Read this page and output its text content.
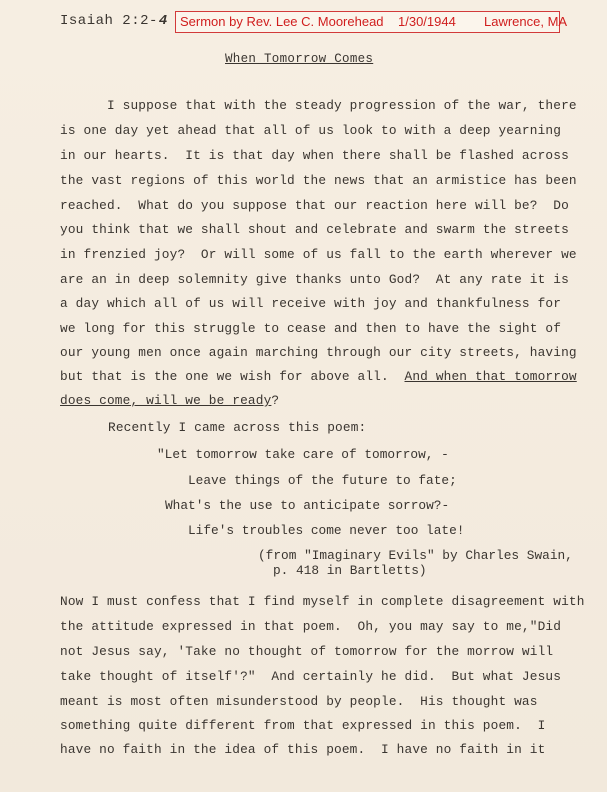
Isaiah 2:2-4 Sermon by Rev. Lee C. Moorehead 1/30/1944 Lawrence, MA
When Tomorrow Comes
I suppose that with the steady progression of the war, there
is one day yet ahead that all of us look to with a deep yearning
in our hearts.  It is that day when there shall be flashed across
the vast regions of this world the news that an armistice has been
reached.  What do you suppose that our reaction here will be?  Do
you think that we shall shout and celebrate and swarm the streets
in frenzied joy?  Or will some of us fall to the earth wherever we
are an in deep solemnity give thanks unto God?  At any rate it is
a day which all of us will receive with joy and thankfulness for
we long for this struggle to cease and then to have the sight of
our young men once again marching through our city streets, having
but that is the one we wish for above all.  And when that tomorrow
does come, will we be ready?
Recently I came across this poem:
"Let tomorrow take care of tomorrow, -
Leave things of the future to fate;
What's the use to anticipate sorrow?-
Life's troubles come never too late!
(from "Imaginary Evils" by Charles Swain,
p. 418 in Bartletts)
Now I must confess that I find myself in complete disagreement with
the attitude expressed in that poem.  Oh, you may say to me,"Did
not Jesus say, 'Take no thought of tomorrow for the morrow will
take thought of itself'?"  And certainly he did.  But what Jesus
meant is most often misunderstood by people.  His thought was
something quite different from that expressed in this poem.  I
have no faith in the idea of this poem.  I have no faith in it
